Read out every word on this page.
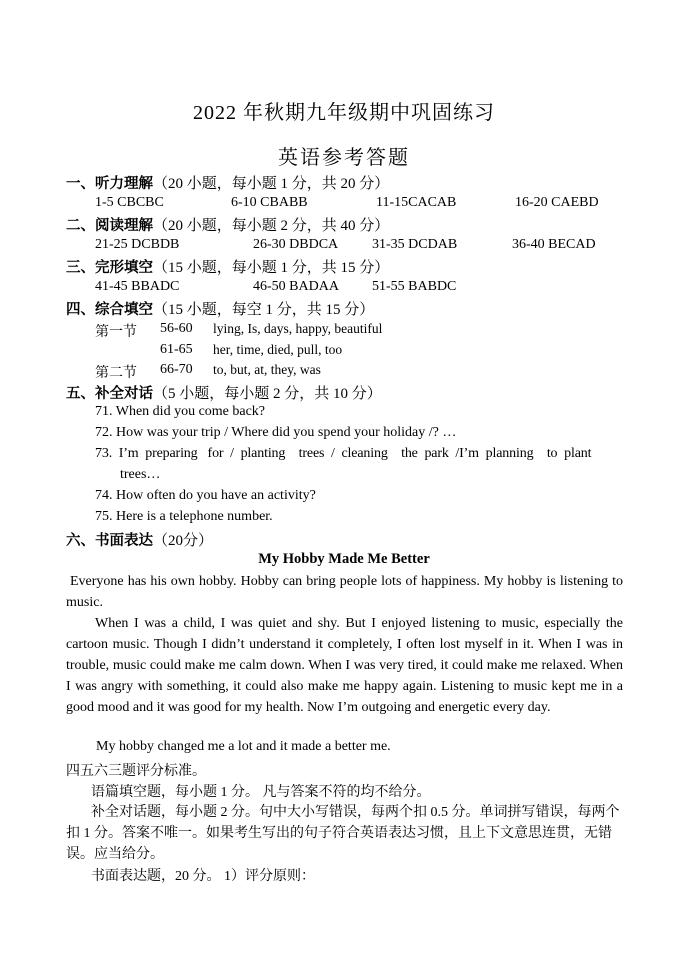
2022 年秋期九年级期中巩固练习
英语参考答题
一、听力理解（20 小题，每小题 1 分，共 20 分）
1-5 CBCBC	6-10 CBABB	11-15CACAB	16-20 CAEBD
二、阅读理解（20 小题，每小题 2 分，共 40 分）
21-25 DCBDB	26-30 DBDCA 31-35 DCDAB	36-40 BECAD
三、完形填空（15 小题，每小题 1 分，共 15 分）
41-45 BBADC	46-50 BADAA 51-55 BABDC
四、综合填空（15 小题，每空 1 分，共 15 分）
第一节 56-60 lying, Is, days, happy, beautiful
61-65 her, time, died, pull, too
第二节 66-70 to, but, at, they, was
五、补全对话（5 小题，每小题 2 分，共 10 分）
71. When did you come back?
72. How was your trip / Where did you spend your holiday /? …
73.  I’m  preparing   for  /  planting    trees  /  cleaning    the  park  /I’m  planning    to  plant
trees…
74. How often do you have an activity?
75. Here is a telephone number.
六、书面表达（20分）
My Hobby Made Me Better
Everyone has his own hobby. Hobby can bring people lots of happiness. My hobby is listening to music.
When I was a child, I was quiet and shy. But I enjoyed listening to music, especially the cartoon music. Though I didn’t understand it completely, I often lost myself in it. When I was in trouble, music could make me calm down. When I was very tired, it could make me relaxed. When I was angry with something, it could also make me happy again. Listening to music kept me in a good mood and it was good for my health. Now I’m outgoing and energetic every day.
My hobby changed me a lot and it made a better me.
四五六三题评分标准。
语篇填空题，每小题 1 分。 凡与答案不符的均不给分。
补全对话题，每小题 2 分。句中大小写错误，每两个扣 0.5 分。单词拼写错误，每两个扣 1 分。答案不唯一。如果考生写出的句子符合英语表达习惯，且上下文意思连贯，无错误。应当给分。
书面表达题，20 分。 1）评分原则：
